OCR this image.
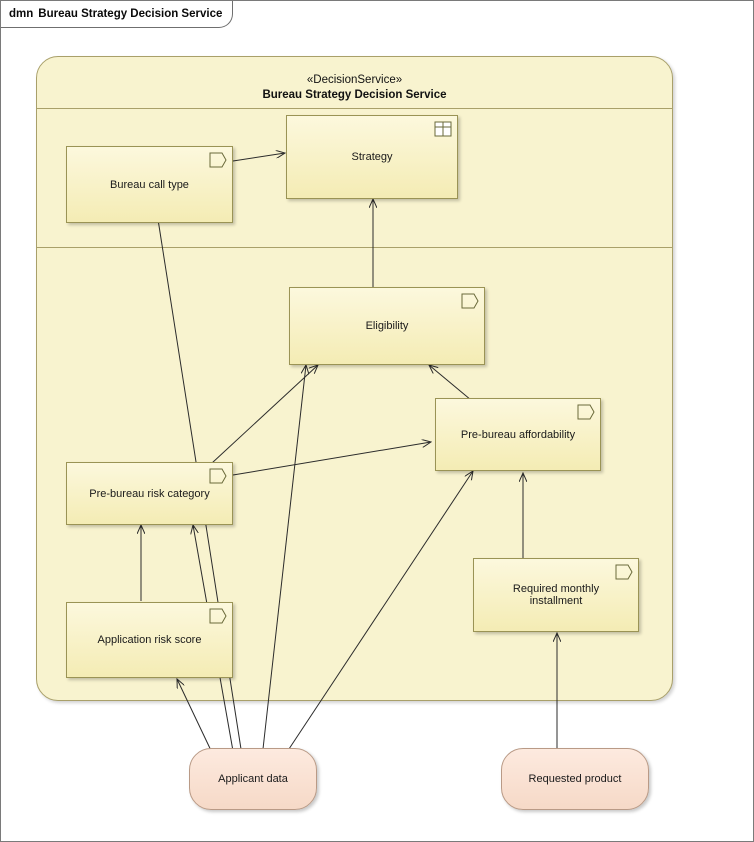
dmn Bureau Strategy Decision Service
«DecisionService»
Bureau Strategy Decision Service
Bureau call type
Strategy
Eligibility
Pre-bureau affordability
Pre-bureau risk category
Application risk score
Required monthly installment
Applicant data	Requested product
